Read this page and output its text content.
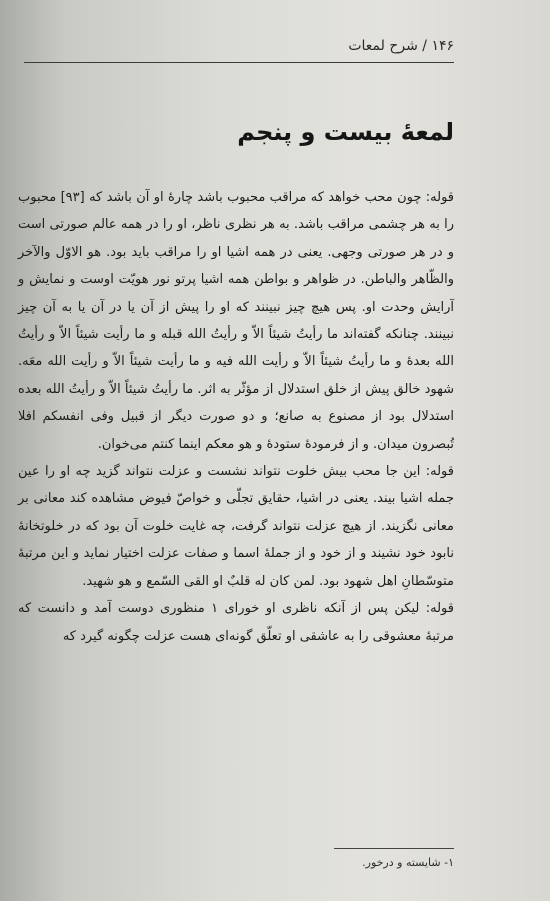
۱۴۶ / شرح لمعات
لمعهٔ بیست و پنجم

قوله: چون محب خواهد که مراقب محبوب باشد چارهٔ او آن باشد که [۹۳] محبوب را به هر چشمی مراقب باشد. به هر نظری ناظر، او را در همه عالم صورتی است و در هر صورتی وجهی. یعنی در همه اشیا او را مراقب باید بود. هو الاوّل والآخر والظّاهر والباطن. در ظواهر و بواطن همه اشیا پرتو نور هویّت اوست و نمایش و آرایش وحدت او. پس هیچ چیز نبینند که او را پیش از آن یا در آن یا به آن چیز نبینند. چنانکه گفته‌اند ما رأیتُ شیئاً الاّ و رأیتُ الله قبله و ما رأیت شیئاً الاّ و رأیتُ الله بعدهٔ و ما رأیتُ شیئاً الاّ و رأیت الله فیه و ما رأیت شیئاً الاّ و رأیت الله معَه. شهود خالق پیش از خلق استدلال از مؤثّر به اثر. ما رأیتُ شیئاً الاّ و رأیتُ الله بعده استدلال بود از مصنوع به صانع؛ و دو صورت دیگر از قبیل وفی انفسکم افلا تُبصرون میدان. و از فرمودهٔ ستودهٔ و هو معکم اینما کنتم می‌خوان.

قوله: این جا محب بیش خلوت نتواند نشست و عزلت نتواند گزید چه او را عین جمله اشیا بیند. یعنی در اشیا، حقایق تجلّی و خواصّ فیوض مشاهده کند معانی بر معانی نگزیند. از هیچ عزلت نتواند گرفت، چه غایت خلوت آن بود که در خلوتخانهٔ نابود خود نشیند و از خود و از جملهٔ اسما و صفات عزلت اختیار نماید و این مرتبهٔ متوسّطانِ اهل شهود بود. لمن کان له قلبٌ او القی السّمع و هو شهید.

قوله: لیکن پس از آنکه ناظری او خورای ۱ منظوری دوست آمد و دانست که مرتبهٔ معشوقی را به عاشقی او تعلّق گونه‌ای هست عزلت چگونه گیرد که

۱- شایسته و درخور.
